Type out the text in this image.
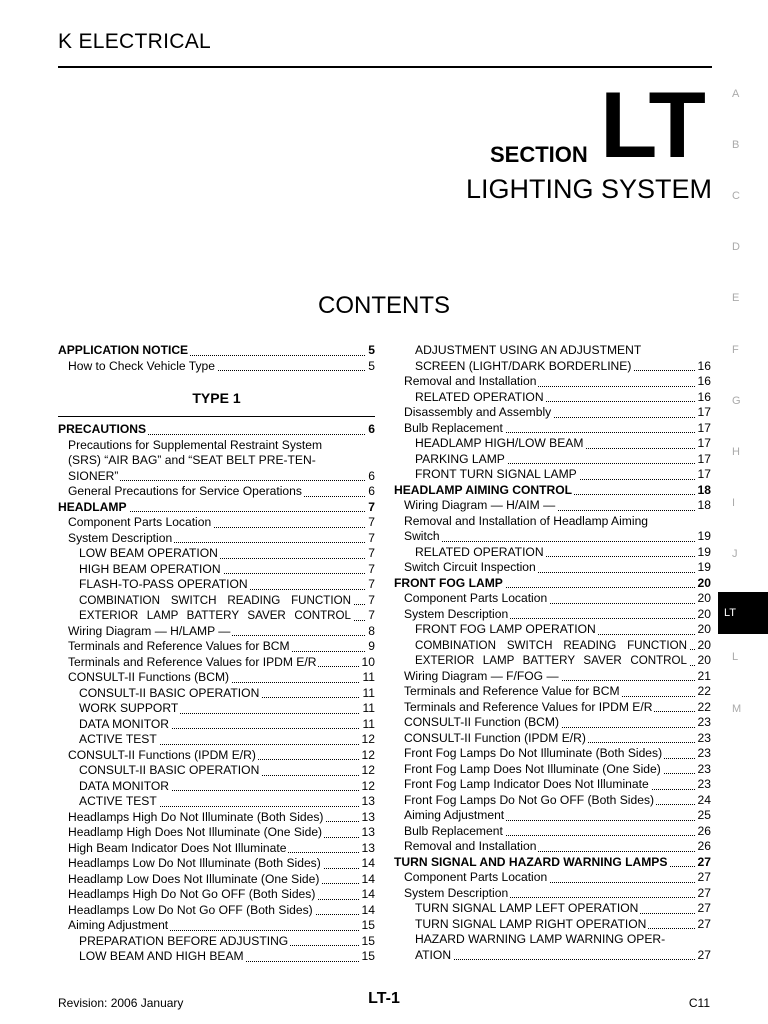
K ELECTRICAL
SECTION LT
LIGHTING SYSTEM
CONTENTS
APPLICATION NOTICE	5
How to Check Vehicle Type	5
TYPE 1
PRECAUTIONS	6
Precautions for Supplemental Restraint System
(SRS) “AIR BAG” and “SEAT BELT PRE-TEN-
SIONER”	6
General Precautions for Service Operations	6
HEADLAMP	7
Component Parts Location	7
System Description	7
LOW BEAM OPERATION	7
HIGH BEAM OPERATION	7
FLASH-TO-PASS OPERATION	7
COMBINATION SWITCH READING FUNCTION 7
EXTERIOR LAMP BATTERY SAVER CONTROL 7
Wiring Diagram — H/LAMP —	8
Terminals and Reference Values for BCM	9
Terminals and Reference Values for IPDM E/R	10
CONSULT-II Functions (BCM)	11
CONSULT-II BASIC OPERATION	11
WORK SUPPORT	11
DATA MONITOR	11
ACTIVE TEST	12
CONSULT-II Functions (IPDM E/R)	12
CONSULT-II BASIC OPERATION	12
DATA MONITOR	12
ACTIVE TEST	13
Headlamps High Do Not Illuminate (Both Sides)	13
Headlamp High Does Not Illuminate (One Side)	13
High Beam Indicator Does Not Illuminate	13
Headlamps Low Do Not Illuminate (Both Sides)	14
Headlamp Low Does Not Illuminate (One Side)	14
Headlamps High Do Not Go OFF (Both Sides)	14
Headlamps Low Do Not Go OFF (Both Sides)	14
Aiming Adjustment	15
PREPARATION BEFORE ADJUSTING	15
LOW BEAM AND HIGH BEAM	15
ADJUSTMENT USING AN ADJUSTMENT
SCREEN (LIGHT/DARK BORDERLINE)	16
Removal and Installation	16
RELATED OPERATION	16
Disassembly and Assembly	17
Bulb Replacement	17
HEADLAMP HIGH/LOW BEAM	17
PARKING LAMP	17
FRONT TURN SIGNAL LAMP	17
HEADLAMP AIMING CONTROL	18
Wiring Diagram — H/AIM —	18
Removal and Installation of Headlamp Aiming
Switch	19
RELATED OPERATION	19
Switch Circuit Inspection	19
FRONT FOG LAMP	20
Component Parts Location	20
System Description	20
FRONT FOG LAMP OPERATION	20
COMBINATION SWITCH READING FUNCTION 20
EXTERIOR LAMP BATTERY SAVER CONTROL 20
Wiring Diagram — F/FOG —	21
Terminals and Reference Value for BCM	22
Terminals and Reference Values for IPDM E/R	22
CONSULT-II Function (BCM)	23
CONSULT-II Function (IPDM E/R)	23
Front Fog Lamps Do Not Illuminate (Both Sides)	23
Front Fog Lamp Does Not Illuminate (One Side)	23
Front Fog Lamp Indicator Does Not Illuminate	23
Front Fog Lamps Do Not Go OFF (Both Sides)	24
Aiming Adjustment	25
Bulb Replacement	26
Removal and Installation	26
TURN SIGNAL AND HAZARD WARNING LAMPS 27
Component Parts Location	27
System Description	27
TURN SIGNAL LAMP LEFT OPERATION	27
TURN SIGNAL LAMP RIGHT OPERATION	27
HAZARD WARNING LAMP WARNING OPER-
ATION	27
A
B
C
D
E
F
G
H
I
J
LT
L
M
Revision: 2006 January	LT-1	C11
